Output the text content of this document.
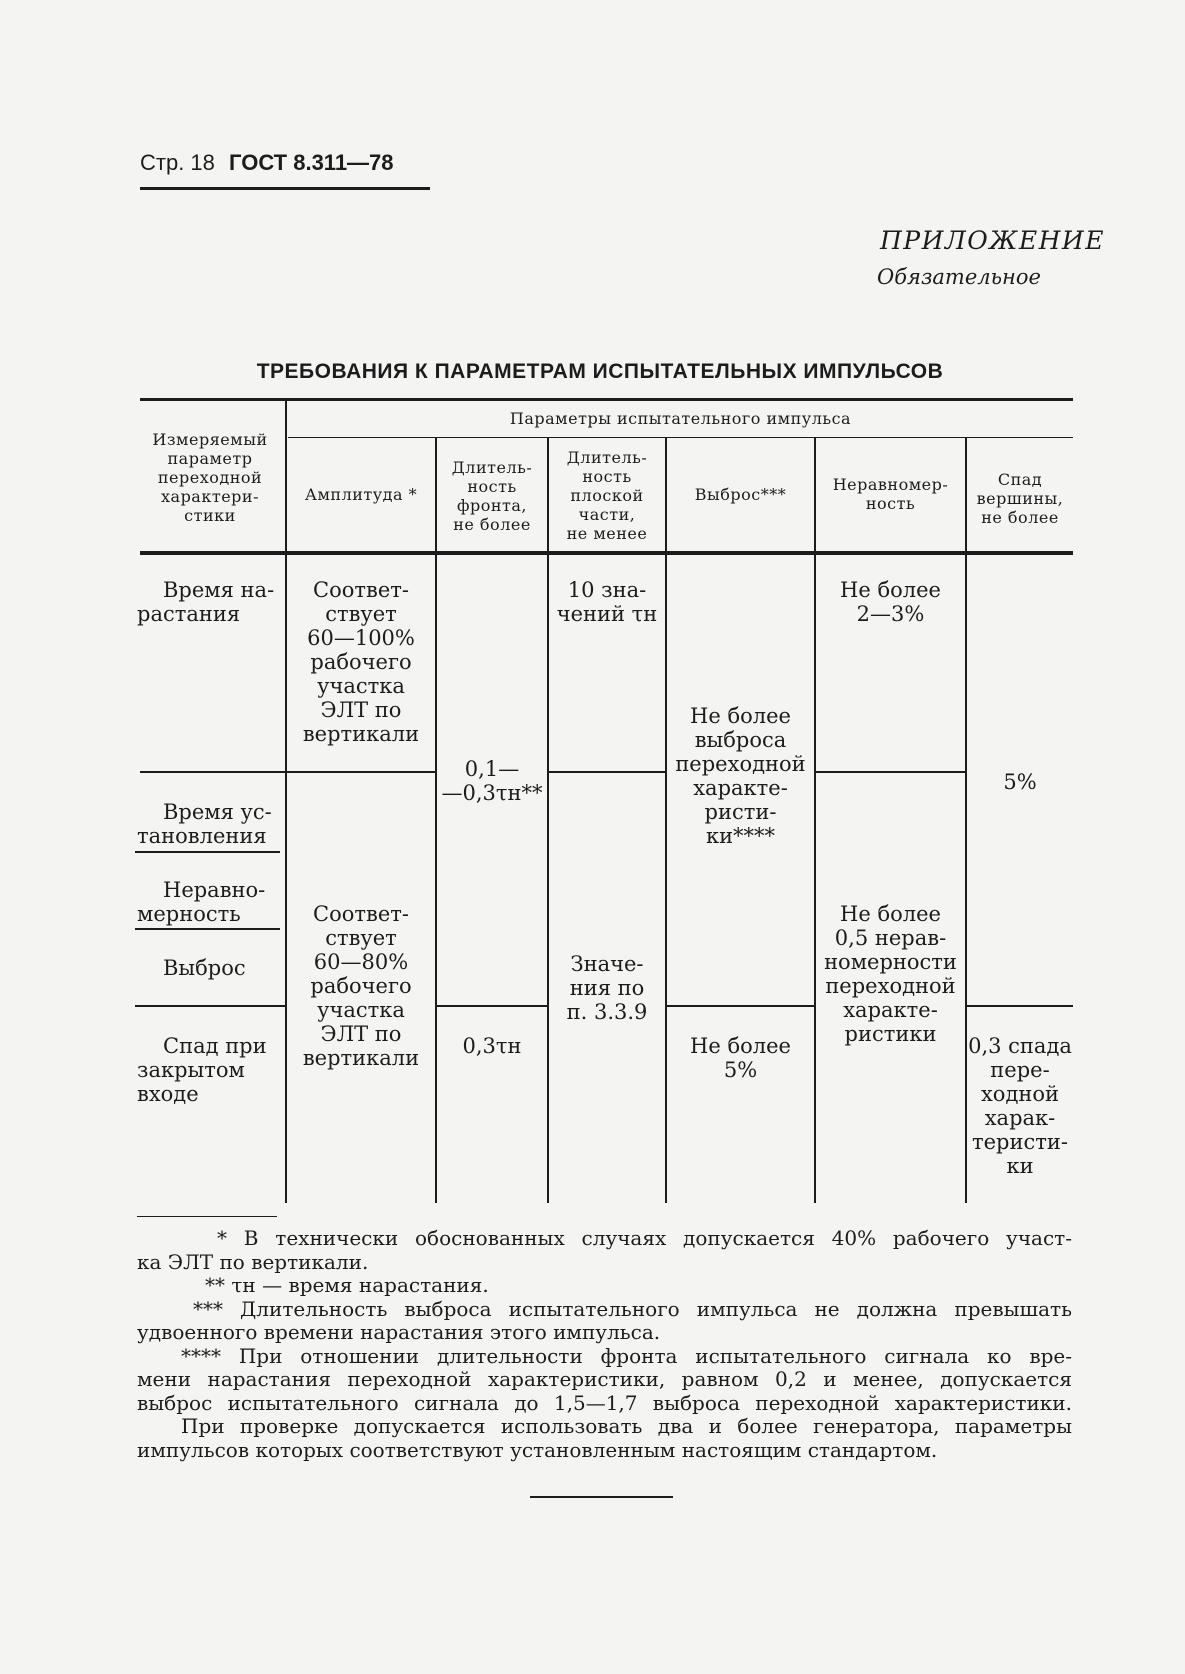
Стр. 18 ГОСТ 8.311—78
ПРИЛОЖЕНИЕ
Обязательное
ТРЕБОВАНИЯ К ПАРАМЕТРАМ ИСПЫТАТЕЛЬНЫХ ИМПУЛЬСОВ
Параметры испытательного импульса
Измеряемый
параметр
переходной
характери-
стики
Амплитуда *
Длитель-
ность
фронта,
не более
Длитель-
ность
плоской
части,
не менее
Выброс***
Неравномер-
ность
Спад
вершины,
не более
Время на-
растания
Время ус-
тановления
Неравно-
мерность
Выброс
Спад при
закрытом
входе
Соответ-
ствует
60—100%
рабочего
участка
ЭЛТ по
вертикали
Соответ-
ствует
60—80%
рабочего
участка
ЭЛТ по
вертикали
0,1—
—0,3τн**
0,3τн
10 зна-
чений τн
Значе-
ния по
п. 3.3.9
Не более
выброса
переходной
характе-
ристи-
ки****
Не более
5%
Не более
2—3%
Не более
0,5 нерав-
номерности
переходной
характе-
ристики
5%
0,3 спада
пере-
ходной
харак-
теристи-
ки
* В технически обоснованных случаях допускается 40% рабочего участ-
ка ЭЛТ по вертикали.
** τн — время нарастания.
*** Длительность выброса испытательного импульса не должна превышать
удвоенного времени нарастания этого импульса.
**** При отношении длительности фронта испытательного сигнала ко вре-
мени нарастания переходной характеристики, равном 0,2 и менее, допускается
выброс испытательного сигнала до 1,5—1,7 выброса переходной характеристики.
При проверке допускается использовать два и более генератора, параметры
импульсов которых соответствуют установленным настоящим стандартом.
